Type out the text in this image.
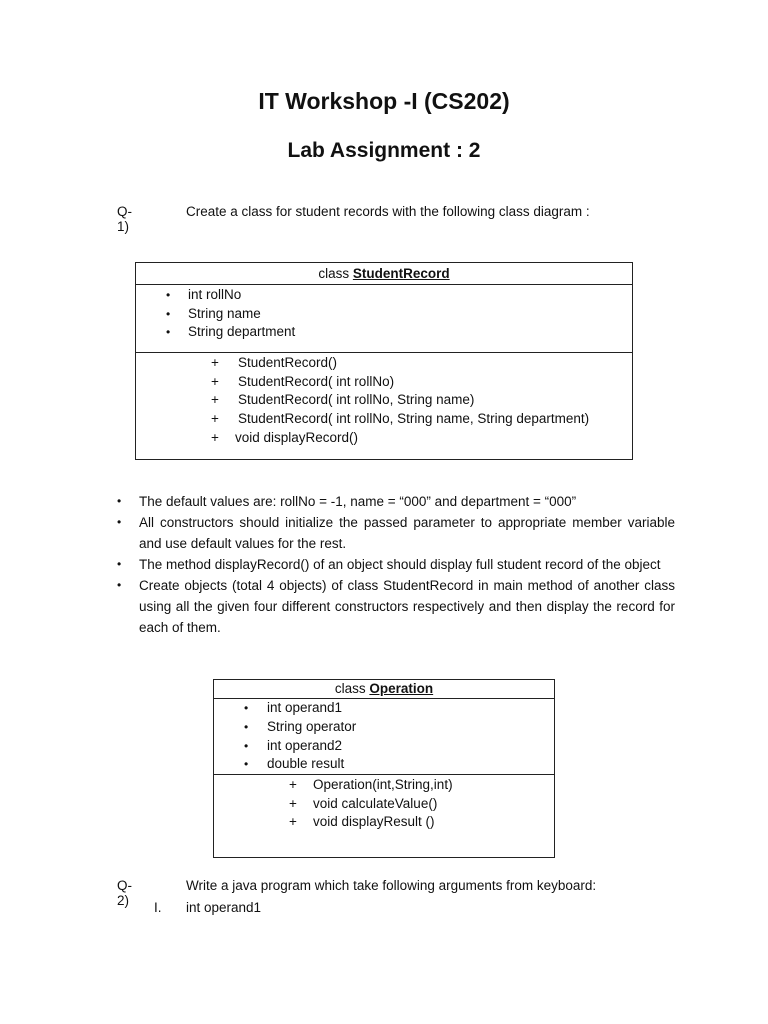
IT Workshop -I (CS202)
Lab Assignment : 2
Q-1)
Create a class for student records with the following class diagram :
class StudentRecord
• int rollNo
• String name
• String department
+ StudentRecord()
+ StudentRecord( int rollNo)
+ StudentRecord( int rollNo, String name)
+ StudentRecord( int rollNo, String name, String department)
+ void displayRecord()
• The default values are: rollNo = -1, name = “000” and department = “000”
• All constructors should initialize the passed parameter to appropriate member variable and use default values for the rest.
• The method displayRecord() of an object should display full student record of the object
• Create objects (total 4 objects) of class StudentRecord in main method of another class using all the given four different constructors respectively and then display the record for each of them.
class Operation
• int operand1
• String operator
• int operand2
• double result
+ Operation(int,String,int)
+ void calculateValue()
+ void displayResult ()
Q-2)
Write a java program which take following arguments from keyboard:
I. int operand1
